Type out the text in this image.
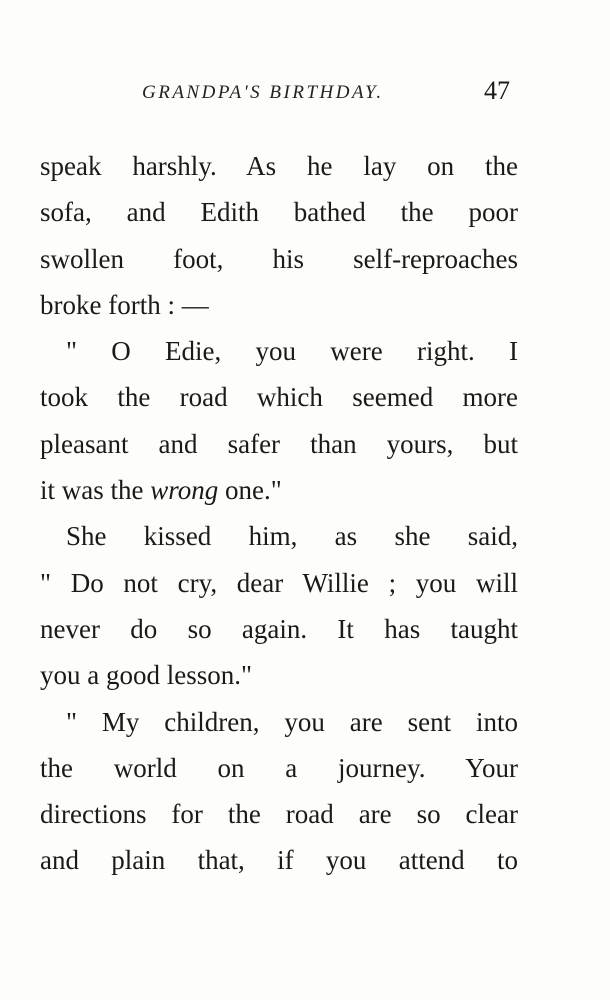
GRANDPA'S BIRTHDAY.	47
speak harshly. As he lay on the
sofa, and Edith bathed the poor
swollen foot, his self-reproaches
broke forth : —
" O Edie, you were right. I
took the road which seemed more
pleasant and safer than yours, but
it was the wrong one."
She kissed him, as she said,
" Do not cry, dear Willie ; you will
never do so again. It has taught
you a good lesson."
" My children, you are sent into
the world on a journey. Your
directions for the road are so clear
and plain that, if you attend to
